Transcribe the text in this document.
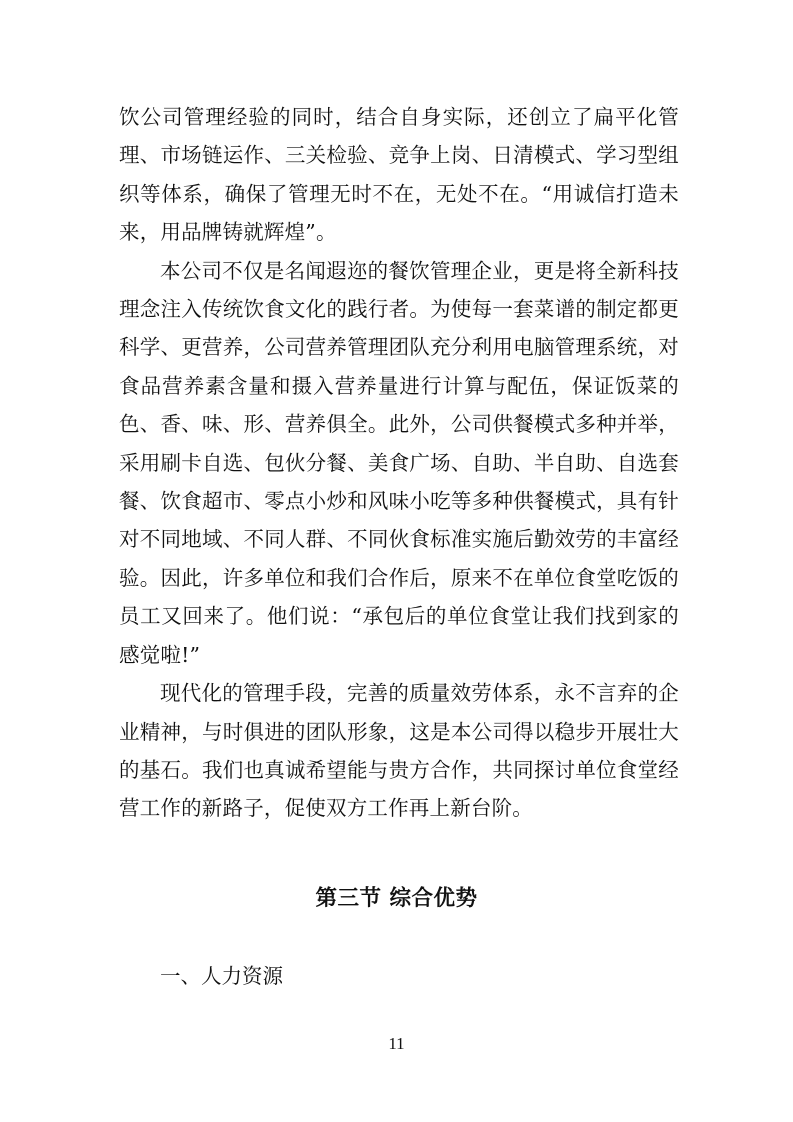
饮公司管理经验的同时，结合自身实际，还创立了扁平化管理、市场链运作、三关检验、竞争上岗、日清模式、学习型组织等体系，确保了管理无时不在，无处不在。“用诚信打造未来，用品牌铸就辉煌”。

本公司不仅是名闻遐迩的餐饮管理企业，更是将全新科技理念注入传统饮食文化的践行者。为使每一套菜谱的制定都更科学、更营养，公司营养管理团队充分利用电脑管理系统，对食品营养素含量和摄入营养量进行计算与配伍，保证饭菜的色、香、味、形、营养俱全。此外，公司供餐模式多种并举，采用刷卡自选、包伙分餐、美食广场、自助、半自助、自选套餐、饮食超市、零点小炒和风味小吃等多种供餐模式，具有针对不同地域、不同人群、不同伙食标准实施后勤效劳的丰富经验。因此，许多单位和我们合作后，原来不在单位食堂吃饭的员工又回来了。他们说：“承包后的单位食堂让我们找到家的感觉啦!”

现代化的管理手段，完善的质量效劳体系，永不言弃的企业精神，与时俱进的团队形象，这是本公司得以稳步开展壮大的基石。我们也真诚希望能与贵方合作，共同探讨单位食堂经营工作的新路子，促使双方工作再上新台阶。

第三节 综合优势
一、人力资源
11
